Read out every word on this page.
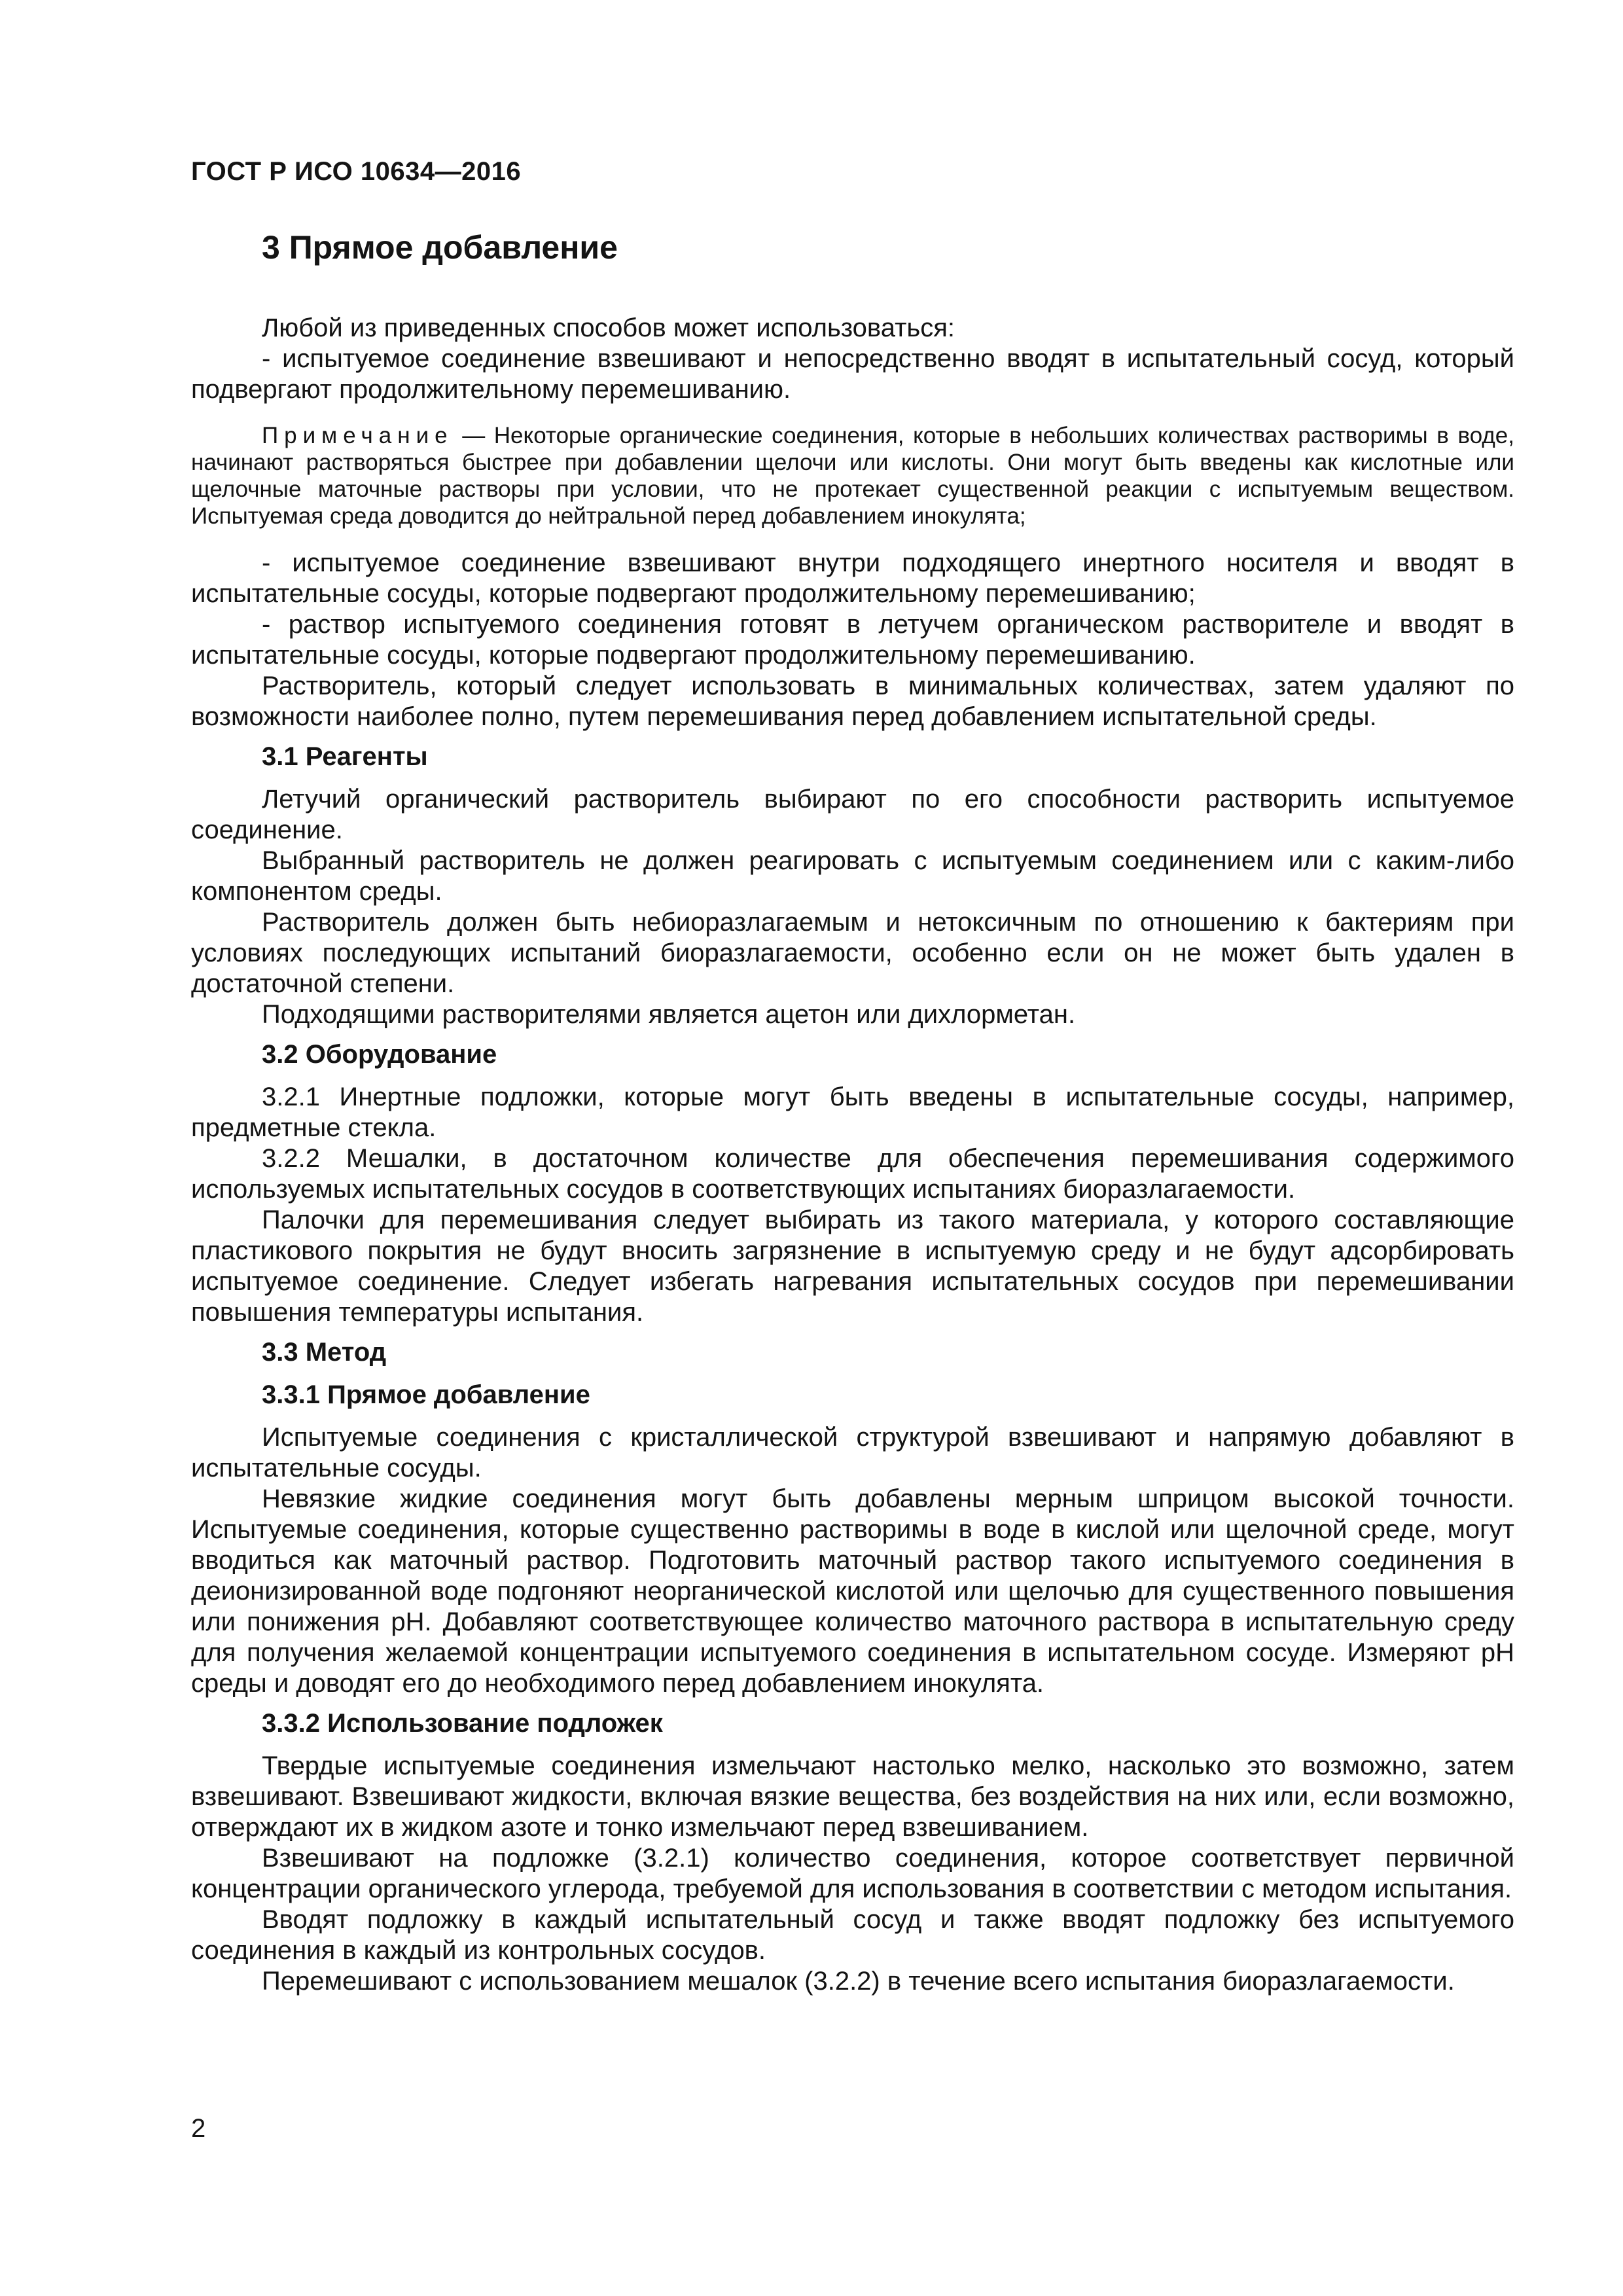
ГОСТ Р ИСО 10634—2016
3 Прямое добавление

Любой из приведенных способов может использоваться:

- испытуемое соединение взвешивают и непосредственно вводят в испытательный сосуд, который подвергают продолжительному перемешиванию.

Примечание — Некоторые органические соединения, которые в небольших количествах растворимы в воде, начинают растворяться быстрее при добавлении щелочи или кислоты. Они могут быть введены как кислотные или щелочные маточные растворы при условии, что не протекает существенной реакции с испытуемым веществом. Испытуемая среда доводится до нейтральной перед добавлением инокулята;

- испытуемое соединение взвешивают внутри подходящего инертного носителя и вводят в испытательные сосуды, которые подвергают продолжительному перемешиванию;

- раствор испытуемого соединения готовят в летучем органическом растворителе и вводят в испытательные сосуды, которые подвергают продолжительному перемешиванию.

Растворитель, который следует использовать в минимальных количествах, затем удаляют по возможности наиболее полно, путем перемешивания перед добавлением испытательной среды.

3.1 Реагенты

Летучий органический растворитель выбирают по его способности растворить испытуемое соединение.

Выбранный растворитель не должен реагировать с испытуемым соединением или с каким-либо компонентом среды.

Растворитель должен быть небиоразлагаемым и нетоксичным по отношению к бактериям при условиях последующих испытаний биоразлагаемости, особенно если он не может быть удален в достаточной степени.

Подходящими растворителями является ацетон или дихлорметан.

3.2 Оборудование

3.2.1 Инертные подложки, которые могут быть введены в испытательные сосуды, например, предметные стекла.

3.2.2 Мешалки, в достаточном количестве для обеспечения перемешивания содержимого используемых испытательных сосудов в соответствующих испытаниях биоразлагаемости.

Палочки для перемешивания следует выбирать из такого материала, у которого составляющие пластикового покрытия не будут вносить загрязнение в испытуемую среду и не будут адсорбировать испытуемое соединение. Следует избегать нагревания испытательных сосудов при перемешивании повышения температуры испытания.

3.3 Метод
3.3.1 Прямое добавление

Испытуемые соединения с кристаллической структурой взвешивают и напрямую добавляют в испытательные сосуды.

Невязкие жидкие соединения могут быть добавлены мерным шприцом высокой точности. Испытуемые соединения, которые существенно растворимы в воде в кислой или щелочной среде, могут вводиться как маточный раствор. Подготовить маточный раствор такого испытуемого соединения в деионизированной воде подгоняют неорганической кислотой или щелочью для существенного повышения или понижения pH. Добавляют соответствующее количество маточного раствора в испытательную среду для получения желаемой концентрации испытуемого соединения в испытательном сосуде. Измеряют pH среды и доводят его до необходимого перед добавлением инокулята.

3.3.2 Использование подложек

Твердые испытуемые соединения измельчают настолько мелко, насколько это возможно, затем взвешивают. Взвешивают жидкости, включая вязкие вещества, без воздействия на них или, если возможно, отверждают их в жидком азоте и тонко измельчают перед взвешиванием.

Взвешивают на подложке (3.2.1) количество соединения, которое соответствует первичной концентрации органического углерода, требуемой для использования в соответствии с методом испытания.

Вводят подложку в каждый испытательный сосуд и также вводят подложку без испытуемого соединения в каждый из контрольных сосудов.

Перемешивают с использованием мешалок (3.2.2) в течение всего испытания биоразлагаемости.

2
